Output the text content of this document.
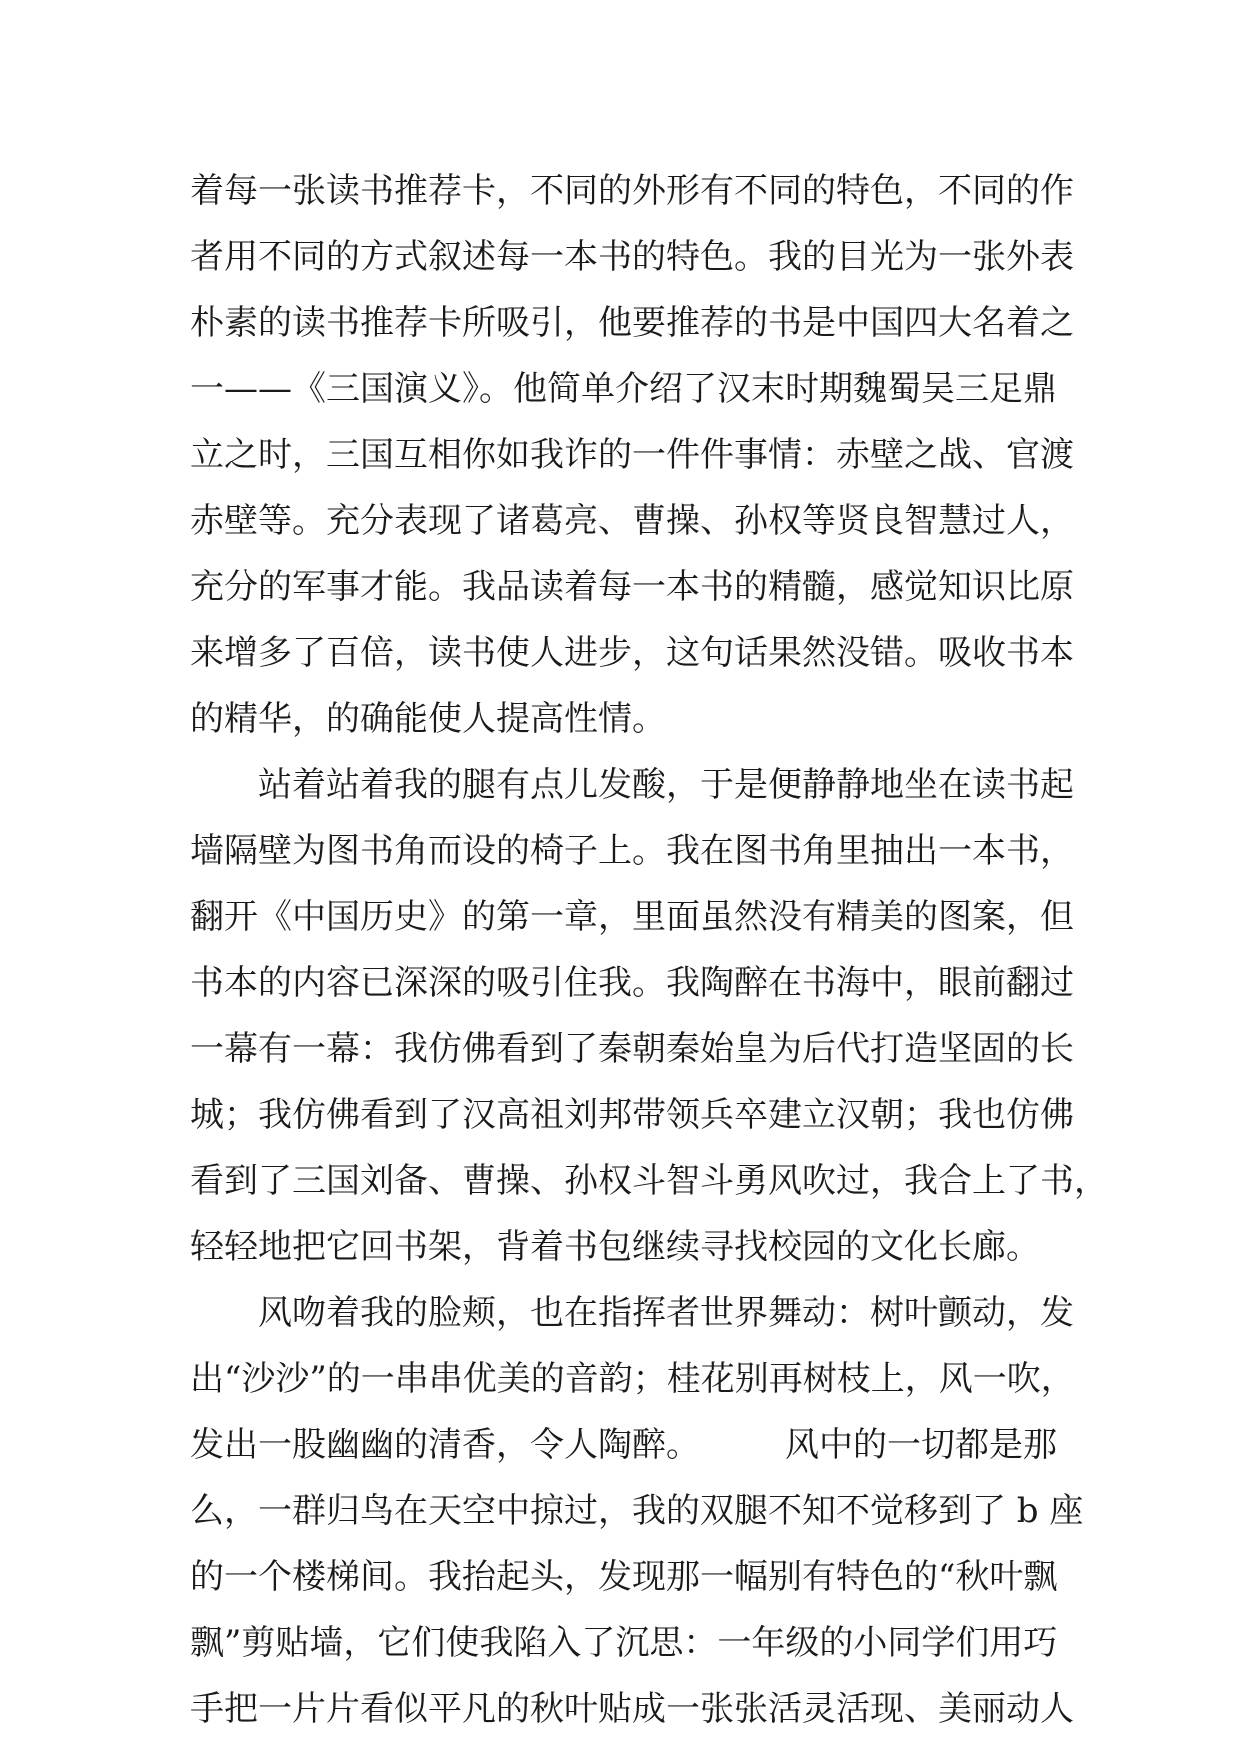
着每一张读书推荐卡，不同的外形有不同的特色，不同的作
者用不同的方式叙述每一本书的特色。我的目光为一张外表
朴素的读书推荐卡所吸引，他要推荐的书是中国四大名着之
一——《三国演义》。他简单介绍了汉末时期魏蜀吴三足鼎
立之时，三国互相你如我诈的一件件事情：赤壁之战、官渡
赤壁等。充分表现了诸葛亮、曹操、孙权等贤良智慧过人，
充分的军事才能。我品读着每一本书的精髓，感觉知识比原
来增多了百倍，读书使人进步，这句话果然没错。吸收书本
的精华，的确能使人提高性情。
　　站着站着我的腿有点儿发酸，于是便静静地坐在读书起
墙隔壁为图书角而设的椅子上。我在图书角里抽出一本书，
翻开《中国历史》的第一章，里面虽然没有精美的图案，但
书本的内容已深深的吸引住我。我陶醉在书海中，眼前翻过
一幕有一幕：我仿佛看到了秦朝秦始皇为后代打造坚固的长
城；我仿佛看到了汉高祖刘邦带领兵卒建立汉朝；我也仿佛
看到了三国刘备、曹操、孙权斗智斗勇风吹过，我合上了书，
轻轻地把它回书架，背着书包继续寻找校园的文化长廊。
　　风吻着我的脸颊，也在指挥者世界舞动：树叶颤动，发
出“沙沙”的一串串优美的音韵；桂花别再树枝上，风一吹，
发出一股幽幽的清香，令人陶醉。　　　风中的一切都是那
么，一群归鸟在天空中掠过，我的双腿不知不觉移到了 b 座
的一个楼梯间。我抬起头，发现那一幅别有特色的“秋叶飘
飘”剪贴墙，它们使我陷入了沉思：一年级的小同学们用巧
手把一片片看似平凡的秋叶贴成一张张活灵活现、美丽动人
